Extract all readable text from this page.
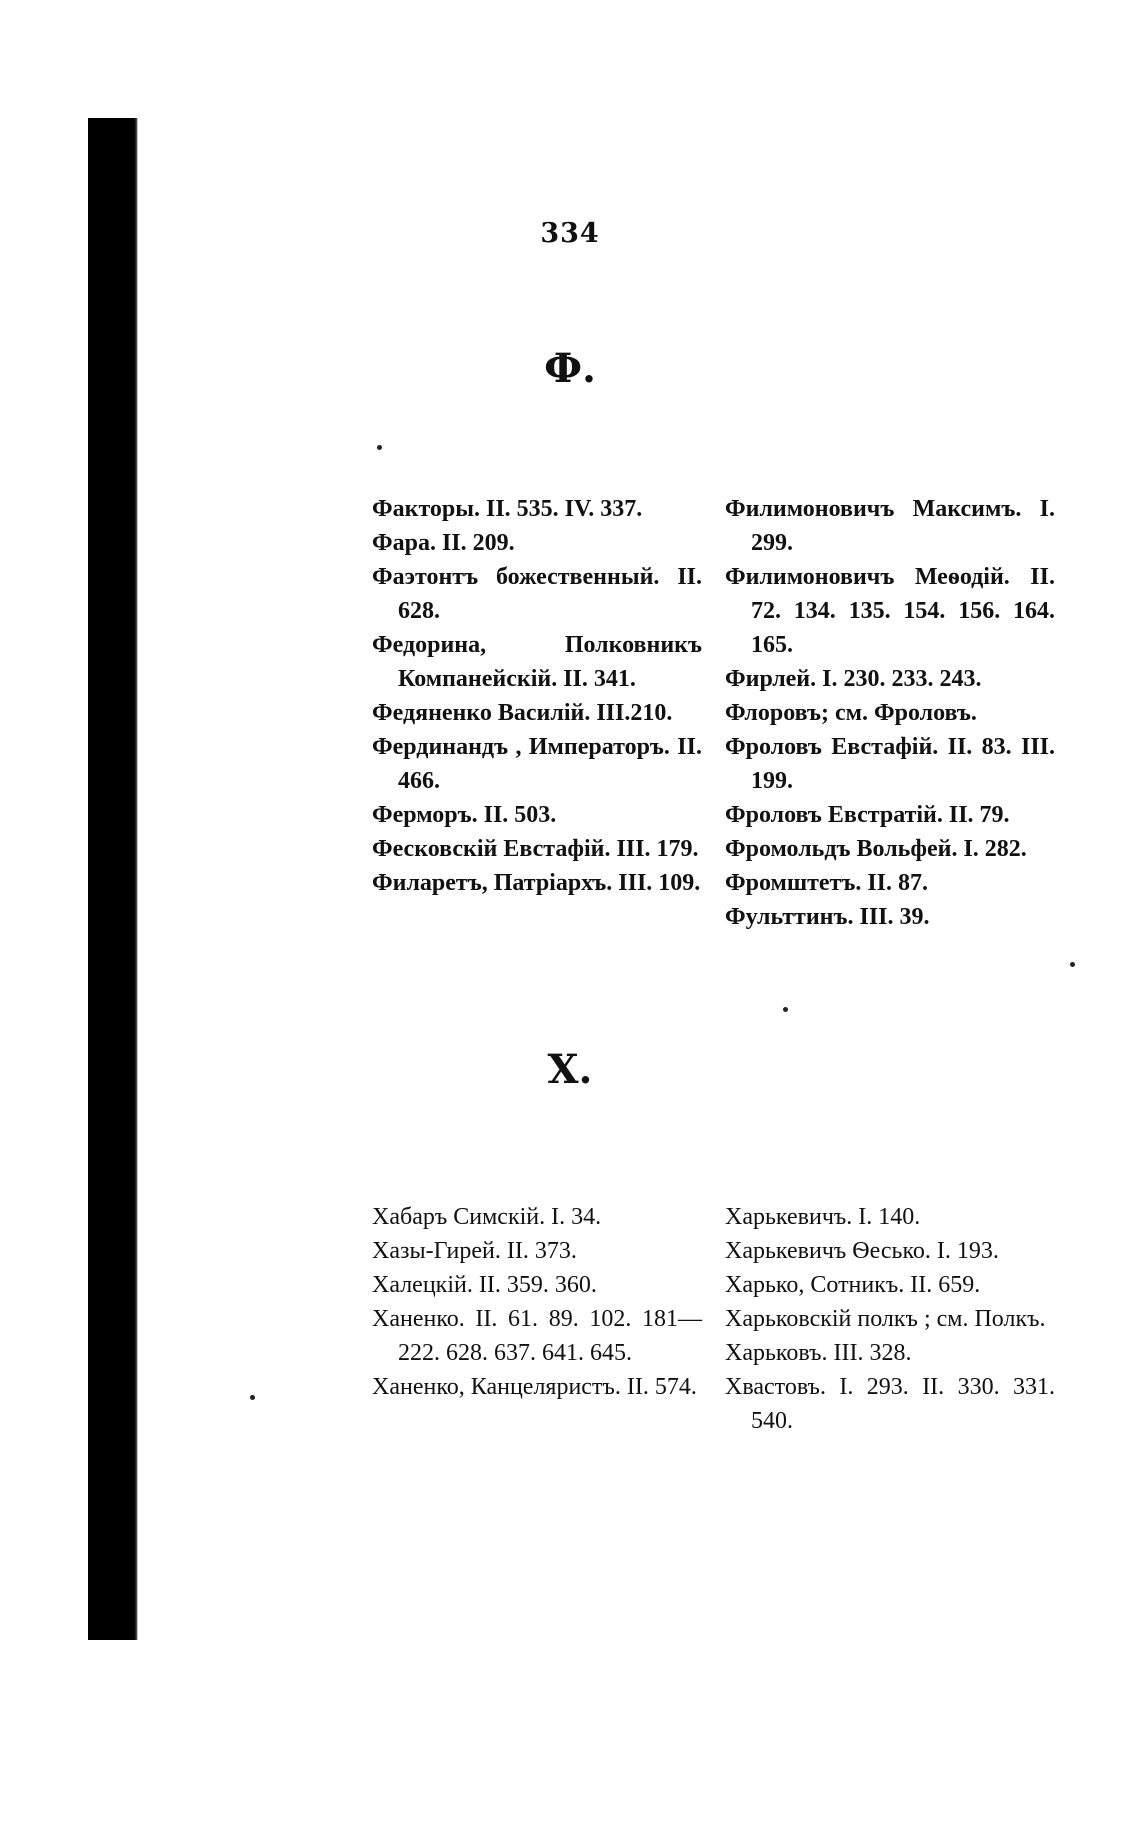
334
Ф.
Факторы. II. 535. IV. 337.
Фара. II. 209.
Фаэтонтъ божественный. II. 628.
Федорина, Полковникъ Компанейскій. II. 341.
Федяненко Василій. III.210.
Фердинандъ , Императоръ. II. 466.
Ферморъ. II. 503.
Фесковскій Евстафій. III. 179.
Филаретъ, Патріархъ. III. 109.
Филимоновичъ Максимъ. I. 299.
Филимоновичъ Меѳодій. II. 72. 134. 135. 154. 156. 164. 165.
Фирлей. I. 230. 233. 243.
Флоровъ; см. Фроловъ.
Фроловъ Евстафій. II. 83. III. 199.
Фроловъ Евстратій. II. 79.
Фромольдъ Вольфей. I. 282.
Фромштетъ. II. 87.
Фульттинъ. III. 39.
Х.
Хабаръ Симскій. I. 34.
Хазы-Гирей. II. 373.
Халецкій. II. 359. 360.
Ханенко. II. 61. 89. 102. 181—222. 628. 637. 641. 645.
Ханенко, Канцеляристъ. II. 574.
Харькевичъ. I. 140.
Харькевичъ Ѳесько. I. 193.
Харько, Сотникъ. II. 659.
Харьковскій полкъ ; см. Полкъ.
Харьковъ. III. 328.
Хвастовъ. I. 293. II. 330. 331. 540.
